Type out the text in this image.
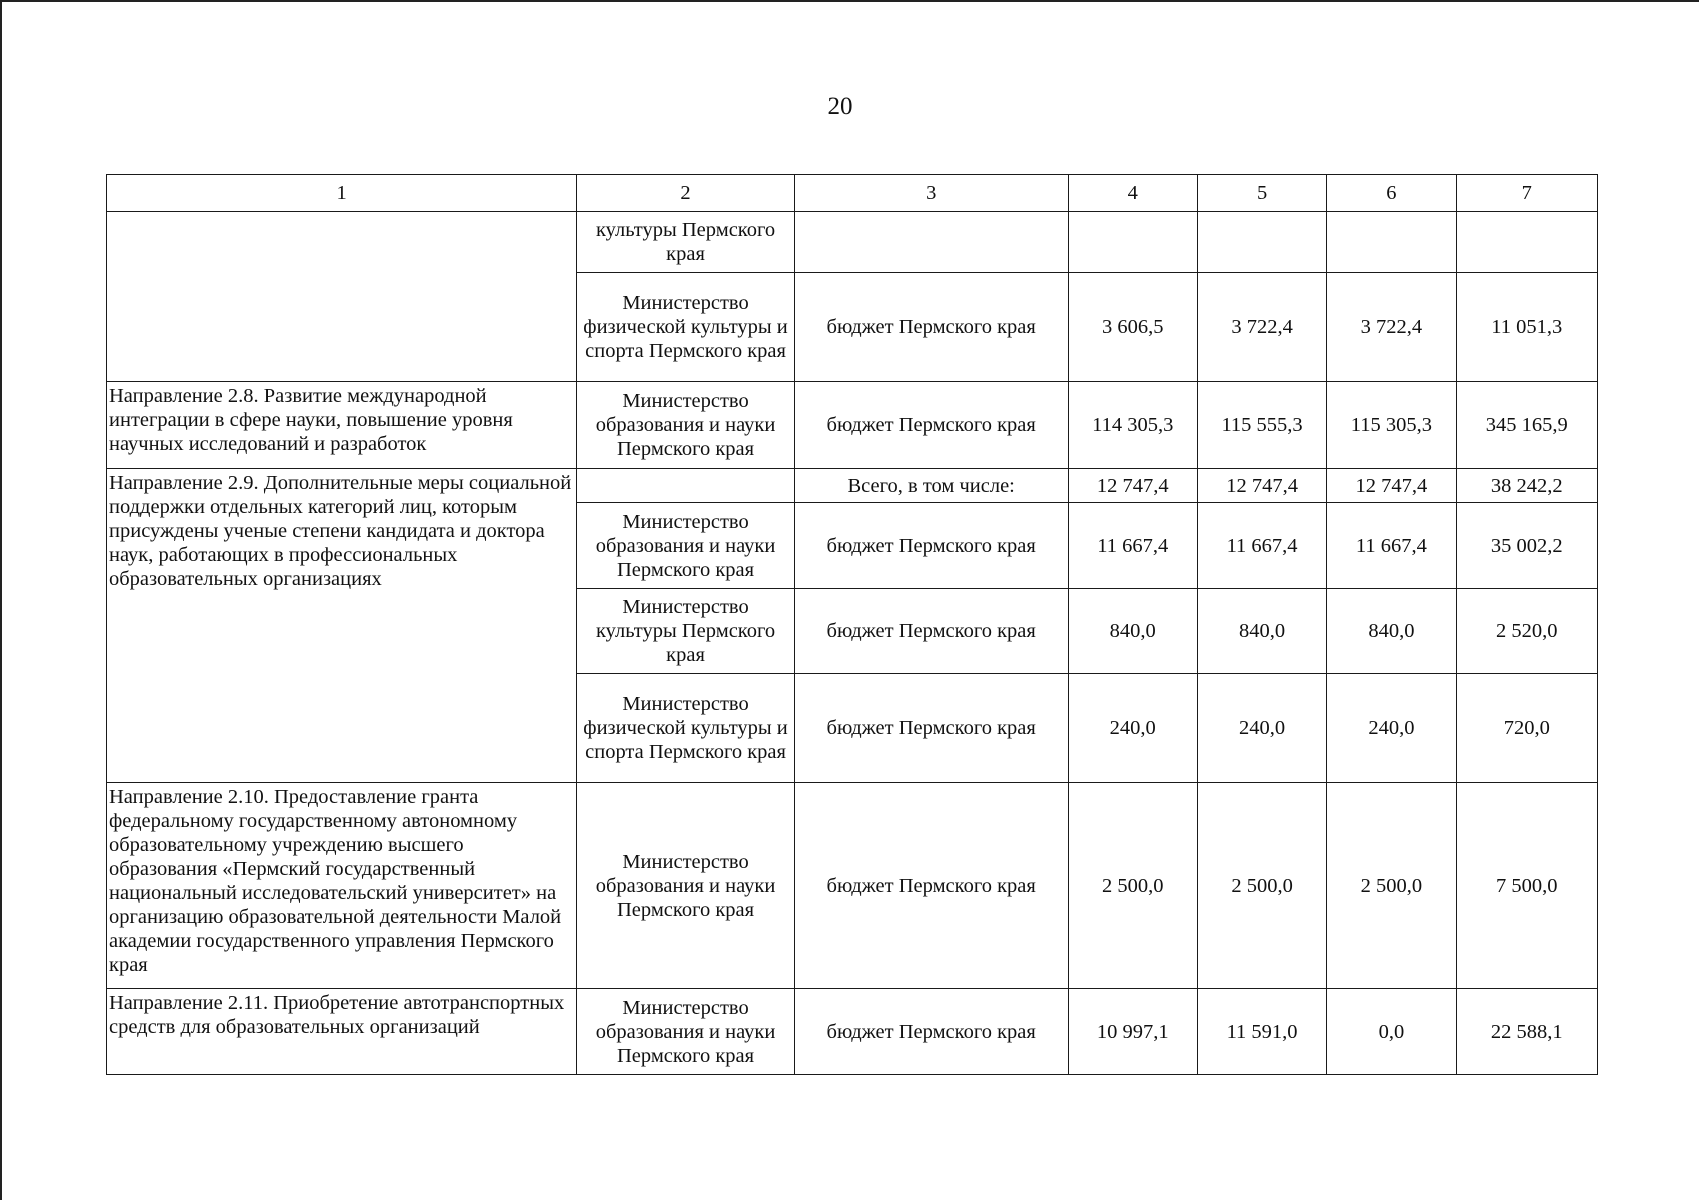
20
1	2	3	4	5	6	7
	культуры Пермского края					
	Министерство физической культуры и спорта Пермского края	бюджет Пермского края	3 606,5	3 722,4	3 722,4	11 051,3
Направление 2.8. Развитие международной интеграции в сфере науки, повышение уровня научных исследований и разработок	Министерство образования и науки Пермского края	бюджет Пермского края	114 305,3	115 555,3	115 305,3	345 165,9
Направление 2.9. Дополнительные меры социальной поддержки отдельных категорий лиц, которым присуждены ученые степени кандидата и доктора наук, работающих в профессиональных образовательных организациях		Всего, в том числе:	12 747,4	12 747,4	12 747,4	38 242,2
	Министерство образования и науки Пермского края	бюджет Пермского края	11 667,4	11 667,4	11 667,4	35 002,2
	Министерство культуры Пермского края	бюджет Пермского края	840,0	840,0	840,0	2 520,0
	Министерство физической культуры и спорта Пермского края	бюджет Пермского края	240,0	240,0	240,0	720,0
Направление 2.10. Предоставление гранта федеральному государственному автономному образовательному учреждению высшего образования «Пермский государственный национальный исследовательский университет» на организацию образовательной деятельности Малой академии государственного управления Пермского края	Министерство образования и науки Пермского края	бюджет Пермского края	2 500,0	2 500,0	2 500,0	7 500,0
Направление 2.11. Приобретение автотранспортных средств для образовательных организаций	Министерство образования и науки Пермского края	бюджет Пермского края	10 997,1	11 591,0	0,0	22 588,1
